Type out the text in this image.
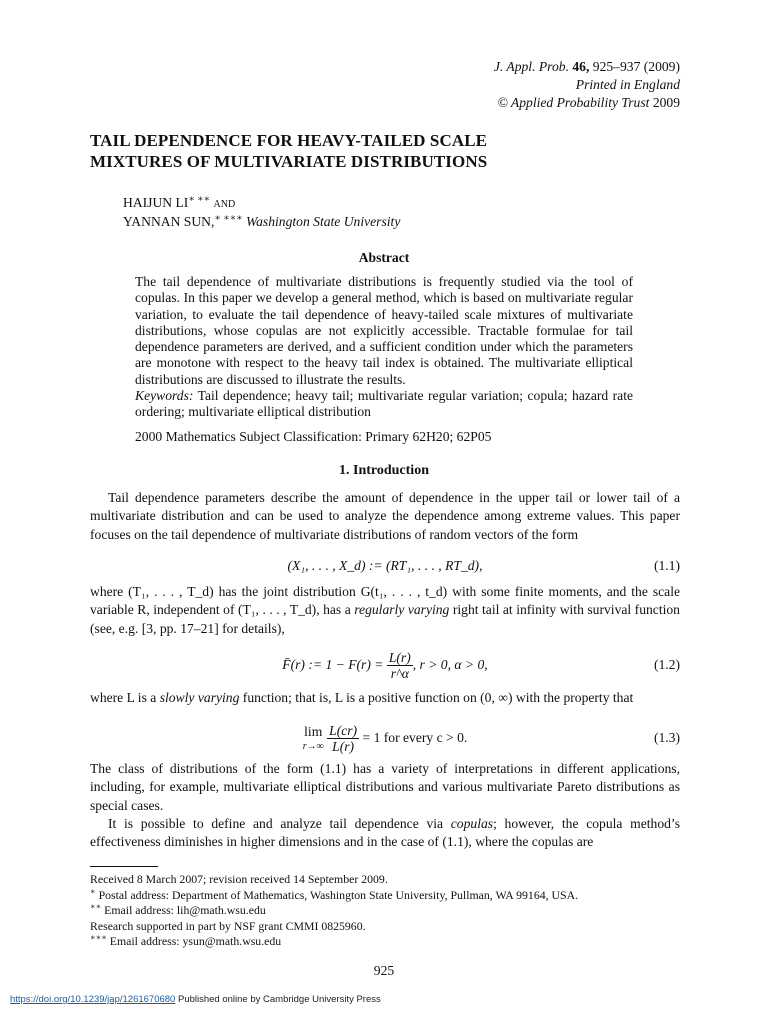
J. Appl. Prob. 46, 925–937 (2009)
Printed in England
© Applied Probability Trust 2009
TAIL DEPENDENCE FOR HEAVY-TAILED SCALE
MIXTURES OF MULTIVARIATE DISTRIBUTIONS
HAIJUN LI∗ ∗∗ and
YANNAN SUN,∗ ∗∗∗ Washington State University
Abstract

The tail dependence of multivariate distributions is frequently studied via the tool of copulas. In this paper we develop a general method, which is based on multivariate regular variation, to evaluate the tail dependence of heavy-tailed scale mixtures of multivariate distributions, whose copulas are not explicitly accessible. Tractable formulae for tail dependence parameters are derived, and a sufficient condition under which the parameters are monotone with respect to the heavy tail index is obtained. The multivariate elliptical distributions are discussed to illustrate the results.

Keywords: Tail dependence; heavy tail; multivariate regular variation; copula; hazard rate ordering; multivariate elliptical distribution

2000 Mathematics Subject Classification: Primary 62H20; 62P05

1. Introduction

Tail dependence parameters describe the amount of dependence in the upper tail or lower tail of a multivariate distribution and can be used to analyze the dependence among extreme values. This paper focuses on the tail dependence of multivariate distributions of random vectors of the form

(X₁, . . . , X_d) := (RT₁, . . . , RT_d),	(1.1)

where (T₁, . . . , T_d) has the joint distribution G(t₁, . . . , t_d) with some finite moments, and the scale variable R, independent of (T₁, . . . , T_d), has a regularly varying right tail at infinity with survival function (see, e.g. [3, pp. 17–21] for details),

F̄(r) := $1 - F(r) = \frac{L(r)}{r\^{}\alpha}$ , r > 0, α > 0,	(1.2)

where L is a slowly varying function; that is, L is a positive function on (0, ∞) with the property that

lim
$r\to\infty \frac{L(cr)}{L(r)} = 1$ for every c > 0.	(1.3)

The class of distributions of the form (1.1) has a variety of interpretations in different applications, including, for example, multivariate elliptical distributions and various multivariate Pareto distributions as special cases.

It is possible to define and analyze tail dependence via copulas; however, the copula method’s effectiveness diminishes in higher dimensions and in the case of (1.1), where the copulas are

Received 8 March 2007; revision received 14 September 2009.

∗ Postal address: Department of Mathematics, Washington State University, Pullman, WA 99164, USA.

∗∗ Email address: lih@math.wsu.edu

Research supported in part by NSF grant CMMI 0825960.

∗∗∗ Email address: ysun@math.wsu.edu

925
https://doi.org/10.1239/jap/1261670680 Published online by Cambridge University Press
